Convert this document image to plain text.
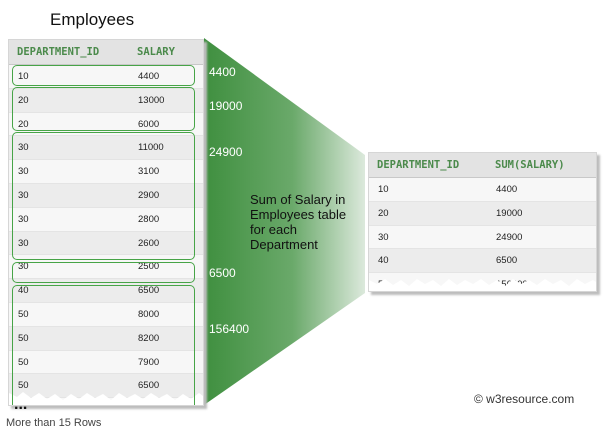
Employees
DEPARTMENT_ID	SALARY
10	4400
20	13000
20	6000
30	11000
30	3100
30	2900
30	2800
30	2600
30	2500
40	6500
50	8000
50	8200
50	7900
50	6500
4400
19000
24900
6500
156400
Sum of Salary in Employees table for each Department
DEPARTMENT_ID	SUM(SALARY)
10	4400
20	19000
30	24900
40	6500
...
More than 15 Rows
© w3resource.com
